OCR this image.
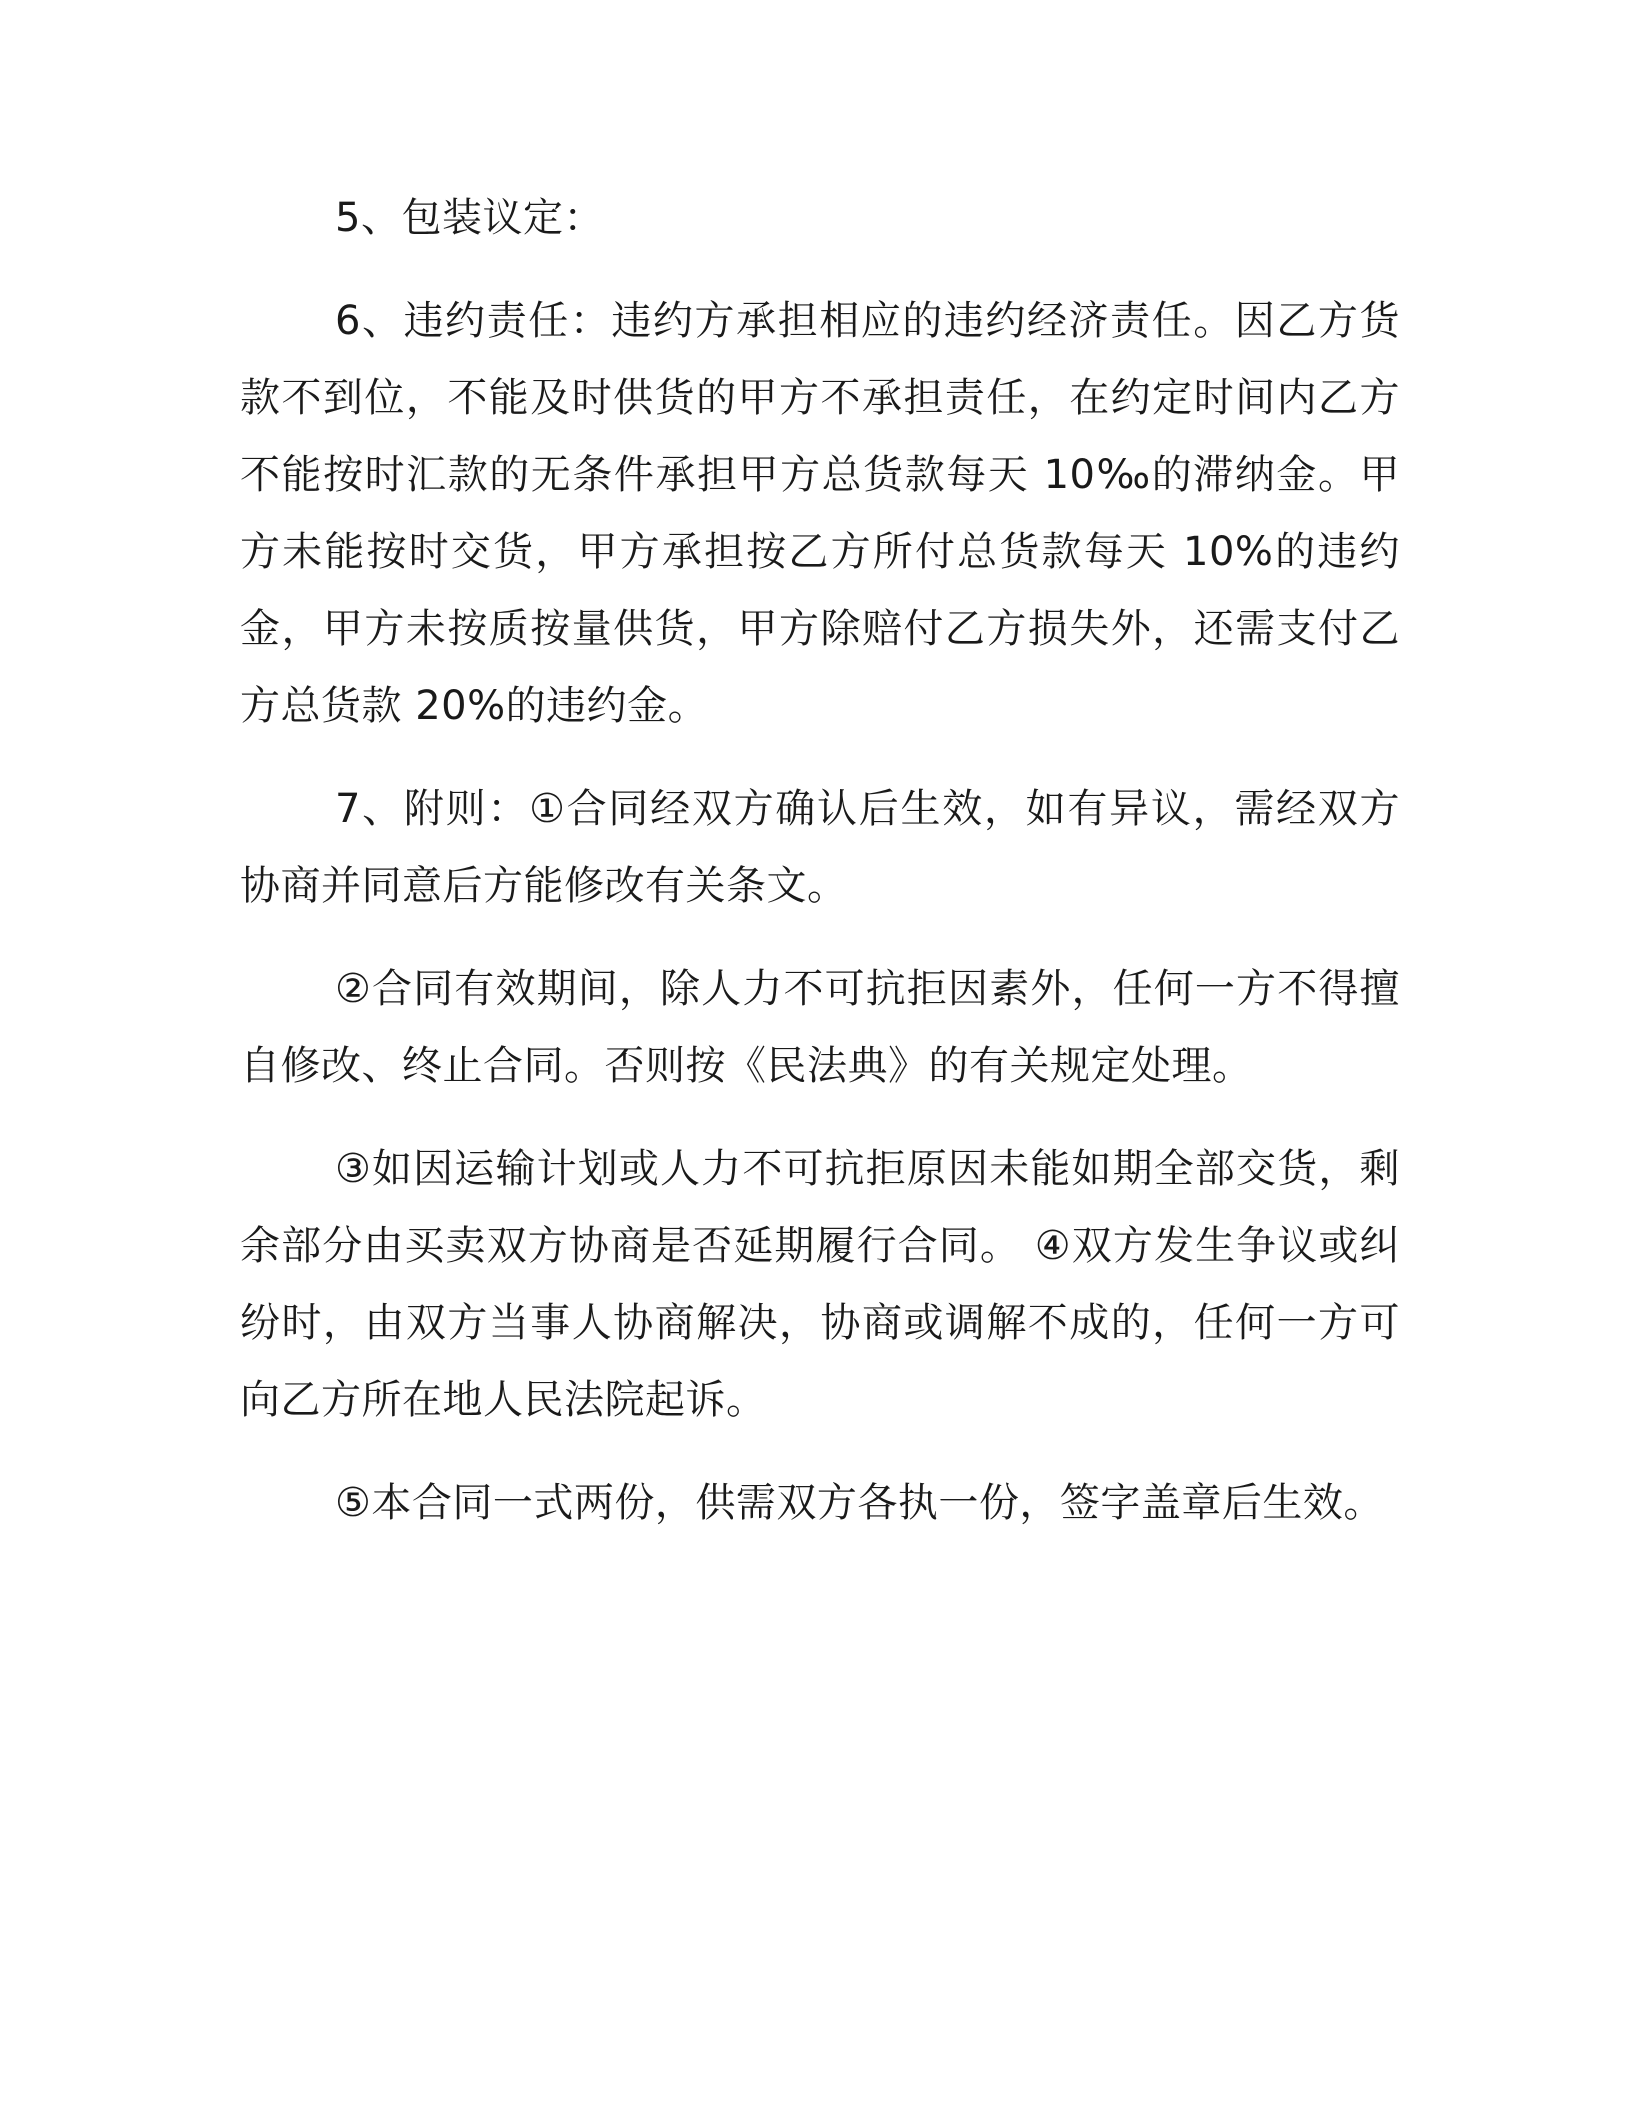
5、包装议定：

6、违约责任：违约方承担相应的违约经济责任。因乙方货款不到位，不能及时供货的甲方不承担责任，在约定时间内乙方不能按时汇款的无条件承担甲方总货款每天 10‰的滞纳金。甲方未能按时交货，甲方承担按乙方所付总货款每天 10%的违约金，甲方未按质按量供货，甲方除赔付乙方损失外，还需支付乙方总货款 20%的违约金。

7、附则：①合同经双方确认后生效，如有异议，需经双方协商并同意后方能修改有关条文。

②合同有效期间，除人力不可抗拒因素外，任何一方不得擅自修改、终止合同。否则按《民法典》的有关规定处理。

③如因运输计划或人力不可抗拒原因未能如期全部交货，剩余部分由买卖双方协商是否延期履行合同。 ④双方发生争议或纠纷时，由双方当事人协商解决，协商或调解不成的，任何一方可向乙方所在地人民法院起诉。

⑤本合同一式两份，供需双方各执一份，签字盖章后生效。
